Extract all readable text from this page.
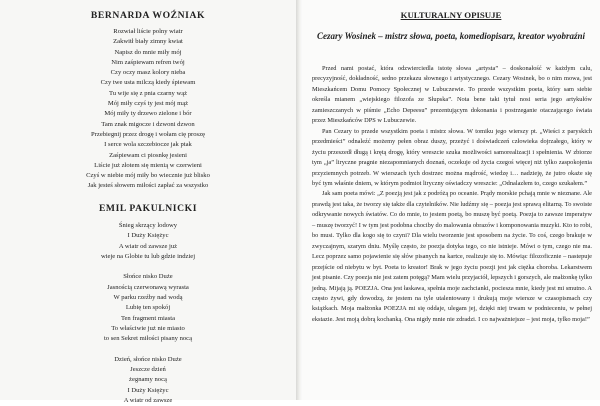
BERNARDA WOŹNIAK
Rozwiał liście polny wiatr
Zakwitł biały zimny kwiat
Napisz do mnie miły mój
Nim zaśpiewam refren twój
Czy oczy masz kolory nieba
Czy twe usta milczą kiedy śpiewam
Tu wije się z pnia czarny wąż
Mój miły czyś ty jest mój mąż
Mój miły ty drzewo zielone i bór
Tam znak migocze i dzwoni dzwon
Przebiegnij przez drogę i wołam cię proszę
I serce wola szczebiocze jak ptak
Zaśpiewam ci piosnkę jesieni
Liście już złotem się mienią w czerwieni
Czyś w niebie mój miły bo wiecznie już blisko
Jak jesteś słowem miłości zapłać za wszystko
EMIL PAKULNICKI
Śnieg skrzący lodowy
I Duży Księżyc
A wiatr od zawsze już
wieje na Globie tu lub gdzie indziej
Słońce nisko Duże
Jasnością czerwonawą wyrasta
W parku rzeźby nad wodą
Lubię ten spokój
Ten fragment miasta
To właściwie już nie miasto
to sen Sekret miłości pisany nocą
Dzień, słońce nisko Duże
Jeszcze dzień
żegnamy nocą
I Duży Księżyc
A wiatr od zawsze
KULTURALNY OPISUJE
Cezary Wosinek – mistrz słowa, poeta, komediopisarz, kreator wyobraźni

Przed nami postać, która odzwierciedla istotę słowa „artysta” – doskonałość w każdym calu, precyzyjność, dokładność, sedno przekazu słownego i artystycznego. Cezary Wosinek, bo o nim mowa, jest Mieszkańcem Domu Pomocy Społecznej w Lubuczewie. To przede wszystkim poeta, który sam siebie określa mianem „wiejskiego filozofa ze Słupska”. Nota bene taki tytuł nosi seria jego artykułów zamieszczanych w piśmie „Echo Depeesu” prezentującym dokonania i postrzeganie otaczającego świata przez Mieszkańców DPS w Lubuczewie.

Pan Cezary to przede wszystkim poeta i mistrz słowa. W tomiku jego wierszy pt. „Wieści z paryskich przedmieści” odnaleźć możemy pełen obraz duszy, przeżyć i doświadczeń człowieka dojrzałego, który w życiu przeszedł długą i krętą drogę, który wreszcie szuka możliwości samorealizacji i spełnienia. W zbiorze tym „ja” liryczne pragnie niezapomnianych doznań, oczekuje od życia czegoś więcej niż tylko zaspokojenia przyziemnych potrzeb. W wierszach tych dostrzec można mądrość, wiedzę i… nadzieję, że jutro okaże się być tym właśnie dniem, w którym podmiot liryczny oświadczy wreszcie: „Odnalazłem to, czego szukałem.”

Jak sam poeta mówi: „Z poezją jest jak z podróżą po oceanie. Prądy morskie pchają mnie w nieznane. Ale prawdą jest taka, że tworzy się także dla czytelników. Nie ludźmy się – poezja jest sprawą elitarną. To swoiste odkrywanie nowych światów. Co do mnie, to jestem poetą, bo muszę być poetą. Poezja to zawsze imperatyw – muszę tworzyć! I w tym jest podobna chociby do malowania obrazów i komponowania muzyki. Kto to robi, bo musi. Tylko dla kogo się to czyni? Dla wielu tworzenie jest sposobem na życie. To coś, czego brakuje w zwyczajnym, szarym dniu. Myślę często, że poezja dotyka tego, co nie istnieje. Mówi o tym, czego nie ma. Lecz poprzez samo pojawienie się słów pisanych na kartce, realizuje się to. Mówiąc filozoficznie – nastepuje przejście od niebytu w byt. Poeta to kreator! Brak w jego życiu poezji jest jak ciężka choroba. Lekarstwem jest pisanie. Czy poezja nie jest zatem potęgą? Mam wielu przyjaciół, lepszych i gorszych, ale małżonkę tylko jedną. Mijają ją. POEZJA. Ona jest łaskawa, spełnia moje zachcianki, pociesza mnie, kiedy jest mi smutno. A często żywi, gdy dowodzą, że jestem na tyle utalentowany i drukują moje wiersze w czasopismach czy książkach. Moja małżonka POEZJA mi się oddaje, ulegam jej, dzięki niej trwam w podnieceniu, w pełnej ekstazie. Jest moją dobrą kochanką. Ona nigdy mnie nie zdradzi. I co najważniejsze – jest moja, tylko moja!”
